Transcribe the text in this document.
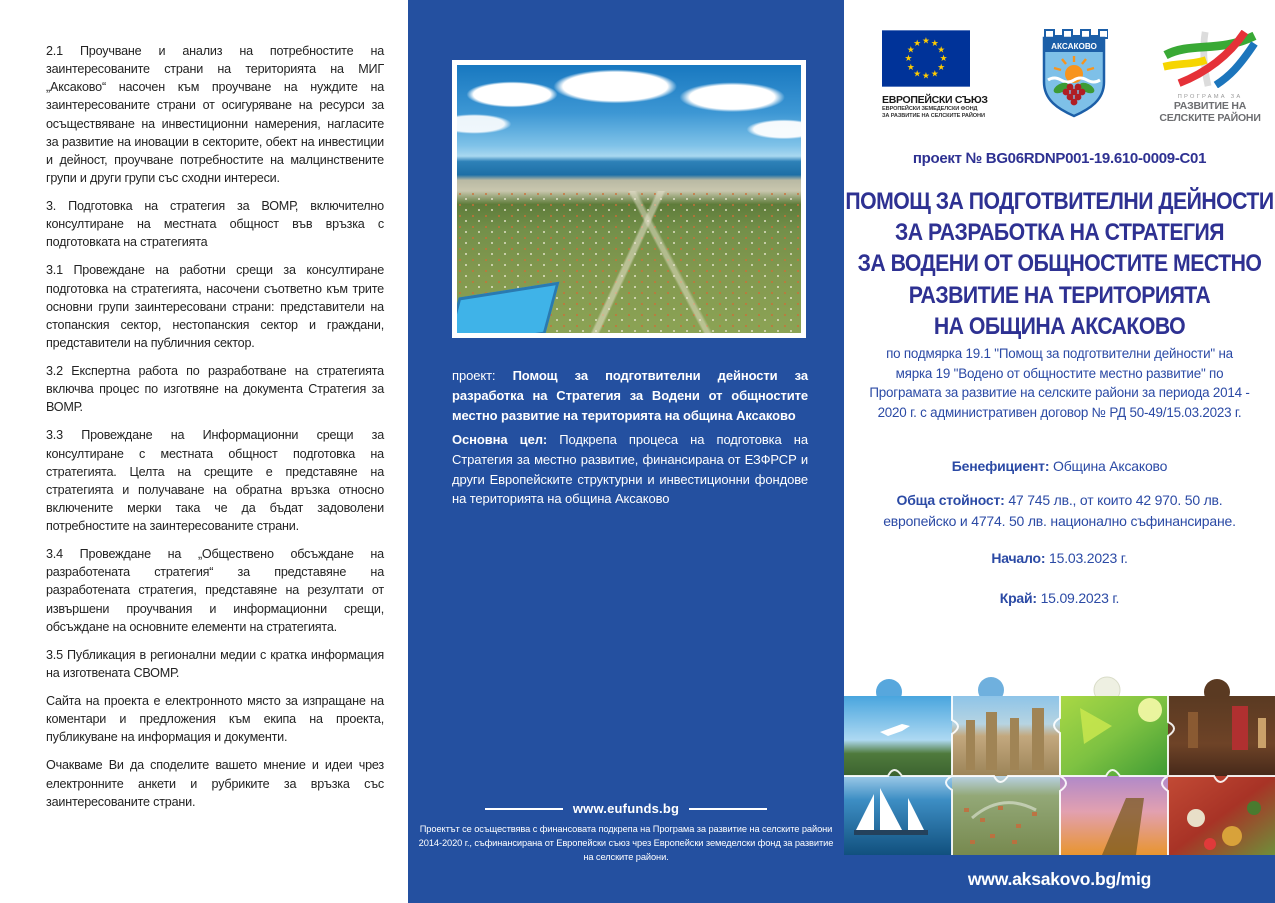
2.1 Проучване и анализ на потребностите на заинтересованите страни на територията на МИГ „Аксаково“ насочен към проучване на нуждите на заинтересованите страни от осигуряване на ресурси за осъществяване на инвестиционни намерения, нагласите за развитие на иновации в секторите, обект на инвестиции и дейност, проучване потребностите на малцинствените групи и други групи със сходни интереси.

3. Подготовка на стратегия за ВОМР, включително консултиране на местната общност във връзка с подготовката на стратегията

3.1 Провеждане на работни срещи за консултиране подготовка на стратегията, насочени съответно към трите основни групи заинтересовани страни: представители на стопанския сектор, нестопанския сектор и граждани, представители на публичния сектор.

3.2 Експертна работа по разработване на стратегията включва процес по изготвяне на документа Стратегия за ВОМР.

3.3 Провеждане на Информационни срещи за консултиране с местната общност подготовка на стратегията. Целта на срещите е представяне на стратегията и получаване на обратна връзка относно включените мерки така че да бъдат задоволени потребностите на заинтересованите страни.

3.4 Провеждане на „Обществено обсъждане на разработената стратегия“ за представяне на разработената стратегия, представяне на резултати от извършени проучвания и информационни срещи, обсъждане на основните елементи на стратегията.

3.5 Публикация в регионални медии с кратка информация на изготвената СВОМР.

Сайта на проекта е електронното място за изпращане на коментари и предложения към екипа на проекта, публикуване на информация и документи.

Очакваме Ви да споделите вашето мнение и идеи чрез електронните анкети и рубриките за връзка със заинтересованите страни.

проект: Помощ за подготвителни дейности за разработка на Стратегия за Водени от общностите местно развитие на територията на община Аксаково
Основна цел: Подкрепа процеса на подготовка на Стратегия за местно развитие, финансирана от ЕЗФРСР и други Европейските структурни и инвестиционни фондове на територията на община Аксаково
www.eufunds.bg
Проектът се осъществява с финансовата подкрепа на Програма за развитие на селските райони 2014-2020 г., съфинансирана от Европейски съюз чрез Европейски земеделски фонд за развитие на селските райони.
★ ★
★
★
★
★
★
★
★
★
★
★
ЕВРОПЕЙСКИ СЪЮЗ
ЕВРОПЕЙСКИ ЗЕМЕДЕЛСКИ ФОНД
ЗА РАЗВИТИЕ НА СЕЛСКИТЕ РАЙОНИ
АКСАКОВО
ПРОГРАМА ЗА
РАЗВИТИЕ НА
СЕЛСКИТЕ РАЙОНИ
проект № BG06RDNP001-19.610-0009-C01
ПОМОЩ ЗА ПОДГОТВИТЕЛНИ ДЕЙНОСТИ
ЗА РАЗРАБОТКА НА СТРАТЕГИЯ
ЗА ВОДЕНИ ОТ ОБЩНОСТИТЕ МЕСТНО
РАЗВИТИЕ НА ТЕРИТОРИЯТА
НА ОБЩИНА АКСАКОВО
по подмярка 19.1 "Помощ за подготвителни дейности" на мярка 19 "Водено от общностите местно развитие" по Програмата за развитие на селските райони за периода 2014 - 2020 г. с административен договор № РД 50-49/15.03.2023 г.
Бенефициент: Община Аксаково
Обща стойност: 47 745 лв., от които 42 970. 50 лв. европейско и 4774. 50 лв. национално съфинансиране.
Начало: 15.03.2023 г.
Край: 15.09.2023 г.
www.aksakovo.bg/mig
